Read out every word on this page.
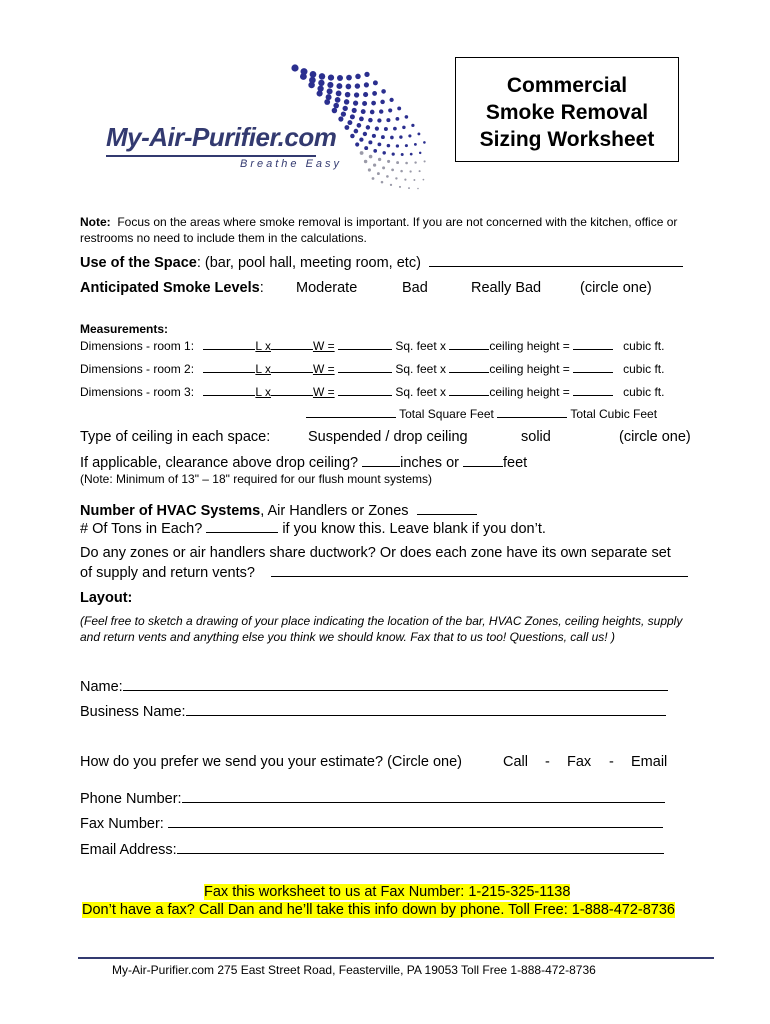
My-Air-Purifier.com
Breathe Easy
Commercial
Smoke Removal
Sizing Worksheet
Note: Focus on the areas where smoke removal is important. If you are not concerned with the kitchen, office or
restrooms no need to include them in the calculations.
Use of the Space: (bar, pool hall, meeting room, etc)
Anticipated Smoke Levels: Moderate	Bad	Really Bad	(circle one)
Measurements:
Dimensions - room 1:	L x	W =	Sq. feet x	ceiling height =	cubic ft.
Dimensions - room 2:	L x	W =	Sq. feet x	ceiling height =	cubic ft.
Dimensions - room 3:	L x	W =	Sq. feet x	ceiling height =	cubic ft.
Total Square Feet	Total Cubic Feet
Type of ceiling in each space:	Suspended / drop ceiling	solid	(circle one)
If applicable, clearance above drop ceiling?	inches or	feet
(Note: Minimum of 13" – 18" required for our flush mount systems)
Number of HVAC Systems, Air Handlers or Zones
# Of Tons in Each?	if you know this. Leave blank if you don’t.
Do any zones or air handlers share ductwork? Or does each zone have its own separate set
of supply and return vents?
Layout:
(Feel free to sketch a drawing of your place indicating the location of the bar, HVAC Zones, ceiling heights, supply
and return vents and anything else you think we should know. Fax that to us too! Questions, call us! )
Name:
Business Name:
How do you prefer we send you your estimate? (Circle one)	Call - Fax - Email
Phone Number:
Fax Number:
Email Address:
Fax this worksheet to us at Fax Number: 1-215-325-1138
Don’t have a fax? Call Dan and he’ll take this info down by phone. Toll Free: 1-888-472-8736
My-Air-Purifier.com 275 East Street Road, Feasterville, PA 19053 Toll Free 1-888-472-8736
